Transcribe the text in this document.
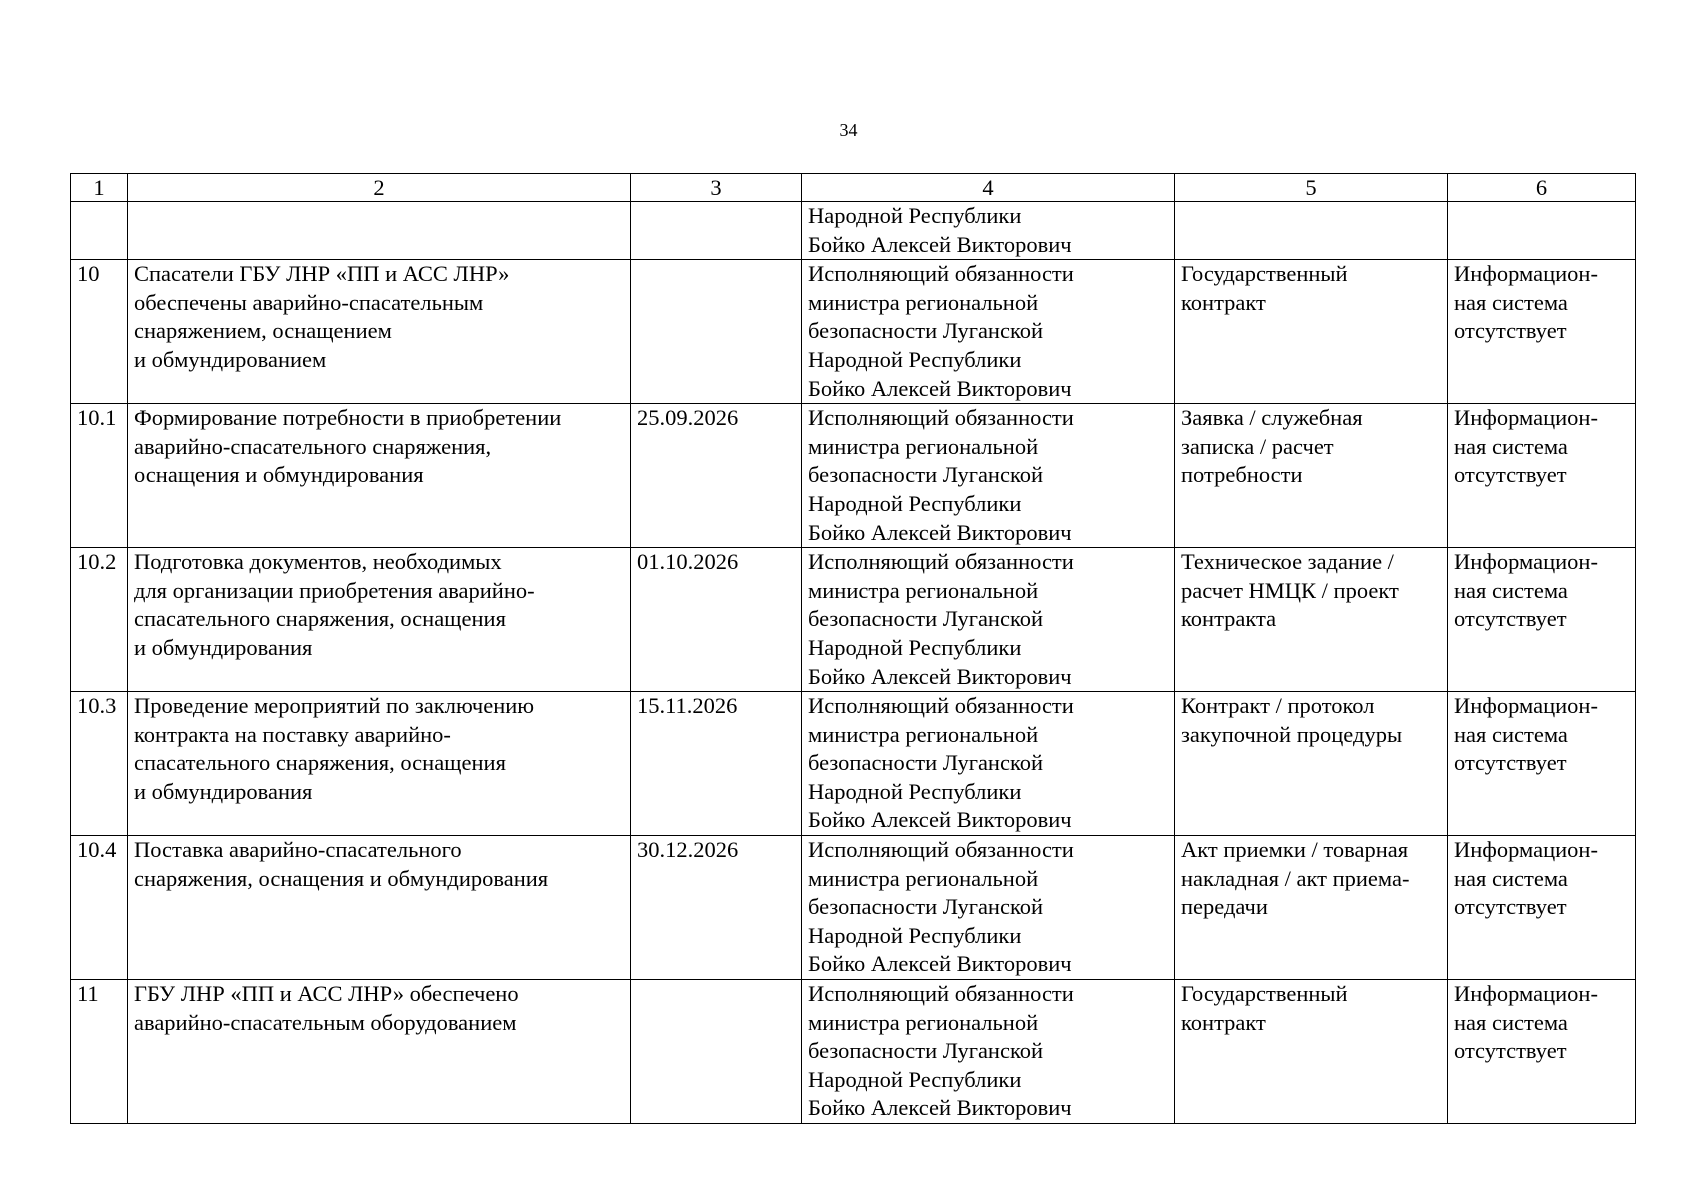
34
1	2	3	4	5	6
			Народной Республики
Бойко Алексей Викторович		
10	Спасатели ГБУ ЛНР «ПП и АСС ЛНР»
обеспечены аварийно-спасательным
снаряжением, оснащением
и обмундированием		Исполняющий обязанности
министра региональной
безопасности Луганской
Народной Республики
Бойко Алексей Викторович	Государственный
контракт	Информацион-
ная система
отсутствует
10.1	Формирование потребности в приобретении
аварийно-спасательного снаряжения,
оснащения и обмундирования	25.09.2026	Исполняющий обязанности
министра региональной
безопасности Луганской
Народной Республики
Бойко Алексей Викторович	Заявка / служебная
записка / расчет
потребности	Информацион-
ная система
отсутствует
10.2	Подготовка документов, необходимых
для организации приобретения аварийно-
спасательного снаряжения, оснащения
и обмундирования	01.10.2026	Исполняющий обязанности
министра региональной
безопасности Луганской
Народной Республики
Бойко Алексей Викторович	Техническое задание /
расчет НМЦК / проект
контракта	Информацион-
ная система
отсутствует
10.3	Проведение мероприятий по заключению
контракта на поставку аварийно-
спасательного снаряжения, оснащения
и обмундирования	15.11.2026	Исполняющий обязанности
министра региональной
безопасности Луганской
Народной Республики
Бойко Алексей Викторович	Контракт / протокол
закупочной процедуры	Информацион-
ная система
отсутствует
10.4	Поставка аварийно-спасательного
снаряжения, оснащения и обмундирования	30.12.2026	Исполняющий обязанности
министра региональной
безопасности Луганской
Народной Республики
Бойко Алексей Викторович	Акт приемки / товарная
накладная / акт приема-
передачи	Информацион-
ная система
отсутствует
11	ГБУ ЛНР «ПП и АСС ЛНР» обеспечено
аварийно-спасательным оборудованием		Исполняющий обязанности
министра региональной
безопасности Луганской
Народной Республики
Бойко Алексей Викторович	Государственный
контракт	Информацион-
ная система
отсутствует
